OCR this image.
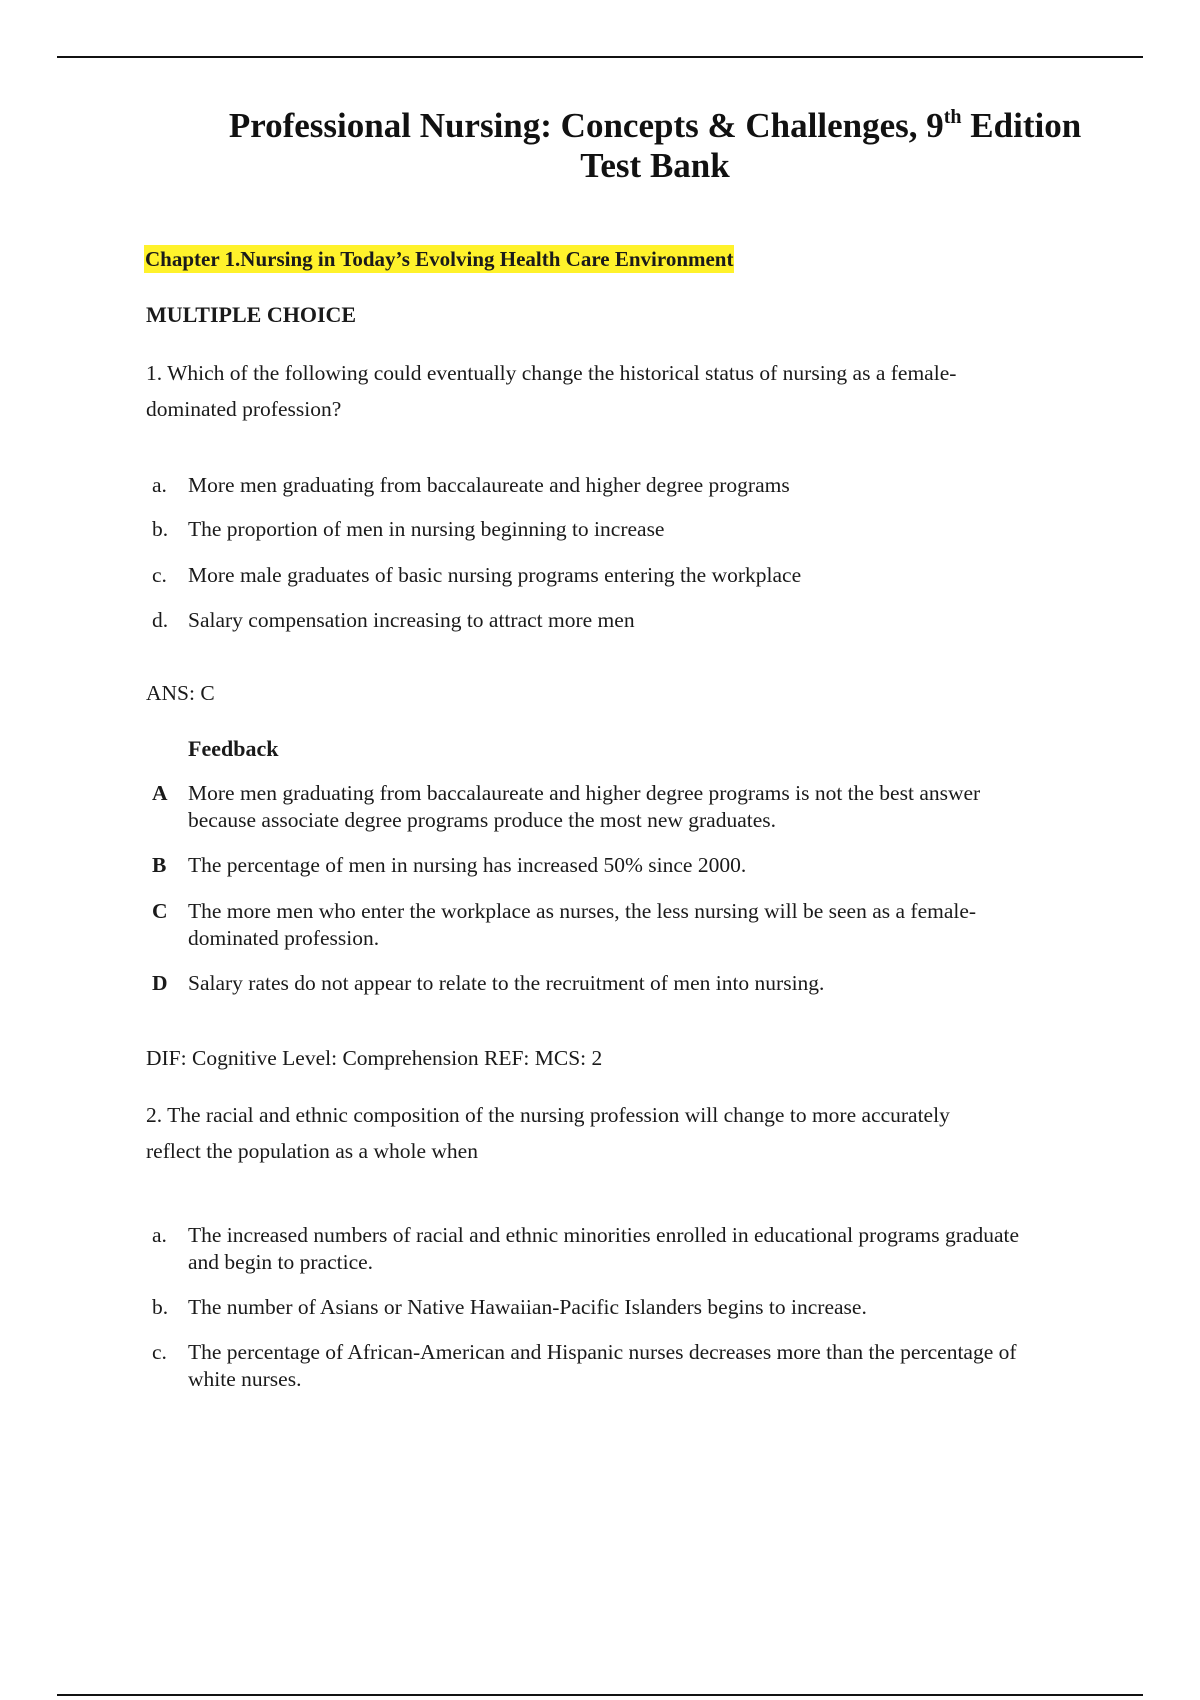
Professional Nursing: Concepts & Challenges, 9th Edition
Test Bank
Chapter 1.Nursing in Today’s Evolving Health Care Environment
MULTIPLE CHOICE
1. Which of the following could eventually change the historical status of nursing as a female-
dominated profession?
a. More men graduating from baccalaureate and higher degree programs
b. The proportion of men in nursing beginning to increase
c. More male graduates of basic nursing programs entering the workplace
d. Salary compensation increasing to attract more men
ANS: C
Feedback
A More men graduating from baccalaureate and higher degree programs is not the best answer because associate degree programs produce the most new graduates.
B	The percentage of men in nursing has increased 50% since 2000.
C The more men who enter the workplace as nurses, the less nursing will be seen as a female-dominated profession.
D Salary rates do not appear to relate to the recruitment of men into nursing.
DIF: Cognitive Level: Comprehension REF: MCS: 2
2. The racial and ethnic composition of the nursing profession will change to more accurately
reflect the population as a whole when
a. The increased numbers of racial and ethnic minorities enrolled in educational programs graduate and begin to practice.
b. The number of Asians or Native Hawaiian-Pacific Islanders begins to increase.
c. The percentage of African-American and Hispanic nurses decreases more than the percentage of white nurses.
